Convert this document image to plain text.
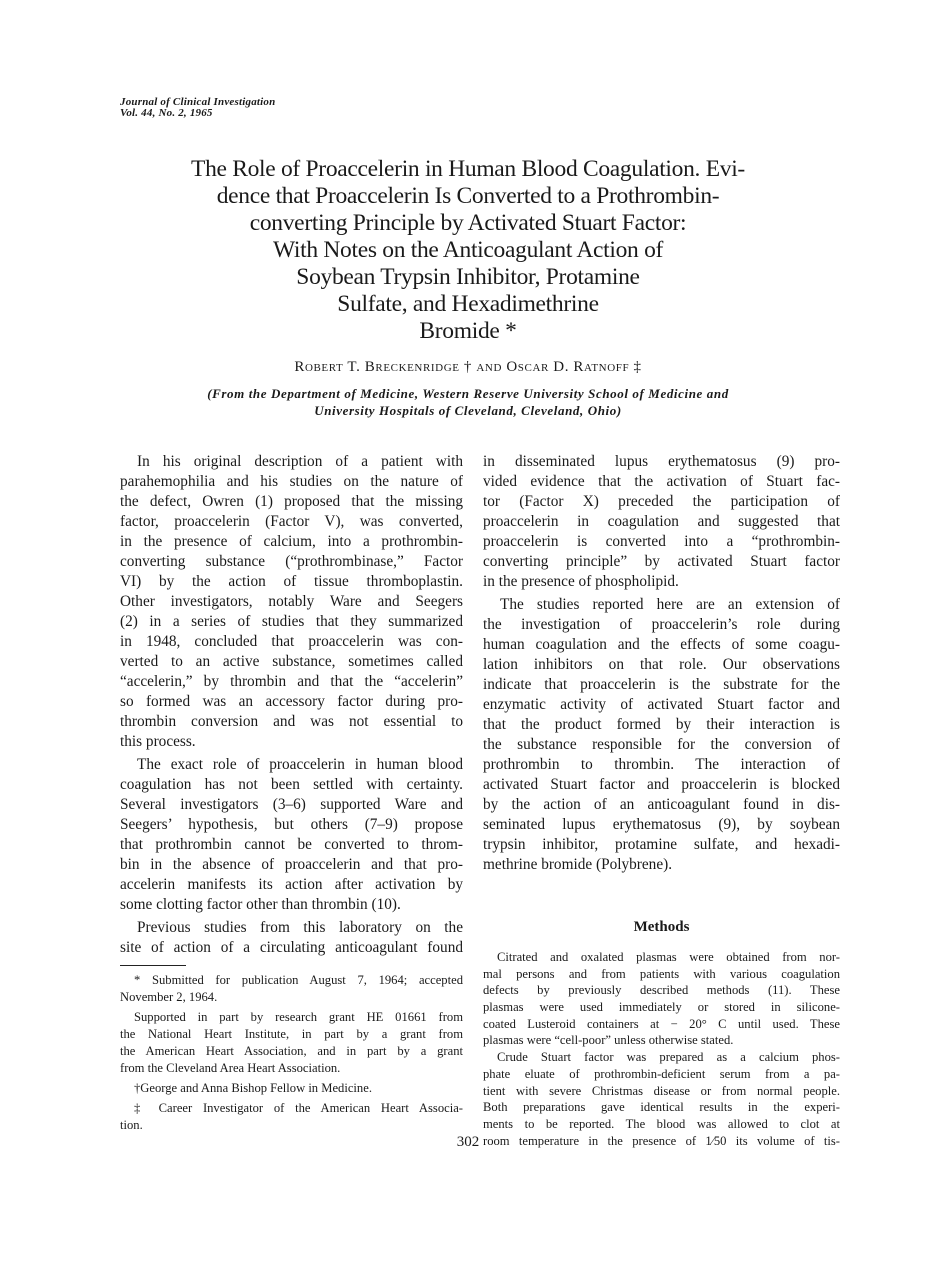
Journal of Clinical Investigation
Vol. 44, No. 2, 1965
The Role of Proaccelerin in Human Blood Coagulation. Evi-
dence that Proaccelerin Is Converted to a Prothrombin-
converting Principle by Activated Stuart Factor:
With Notes on the Anticoagulant Action of
Soybean Trypsin Inhibitor, Protamine
Sulfate, and Hexadimethrine
Bromide *
Robert T. Breckenridge † and Oscar D. Ratnoff ‡
(From the Department of Medicine, Western Reserve University School of Medicine and
University Hospitals of Cleveland, Cleveland, Ohio)
In his original description of a patient with
parahemophilia and his studies on the nature of
the defect, Owren (1) proposed that the missing
factor, proaccelerin (Factor V), was converted,
in the presence of calcium, into a prothrombin-
converting substance (“prothrombinase,” Factor
VI) by the action of tissue thromboplastin.
Other investigators, notably Ware and Seegers
(2) in a series of studies that they summarized
in 1948, concluded that proaccelerin was con-
verted to an active substance, sometimes called
“accelerin,” by thrombin and that the “accelerin”
so formed was an accessory factor during pro-
thrombin conversion and was not essential to
this process.
The exact role of proaccelerin in human blood
coagulation has not been settled with certainty.
Several investigators (3–6) supported Ware and
Seegers’ hypothesis, but others (7–9) propose
that prothrombin cannot be converted to throm-
bin in the absence of proaccelerin and that pro-
accelerin manifests its action after activation by
some clotting factor other than thrombin (10).
Previous studies from this laboratory on the
site of action of a circulating anticoagulant found
* Submitted for publication August 7, 1964; accepted
November 2, 1964.
Supported in part by research grant HE 01661 from
the National Heart Institute, in part by a grant from
the American Heart Association, and in part by a grant
from the Cleveland Area Heart Association.
†George and Anna Bishop Fellow in Medicine.
‡ Career Investigator of the American Heart Associa-
tion.
in disseminated lupus erythematosus (9) pro-
vided evidence that the activation of Stuart fac-
tor (Factor X) preceded the participation of
proaccelerin in coagulation and suggested that
proaccelerin is converted into a “prothrombin-
converting principle” by activated Stuart factor
in the presence of phospholipid.
The studies reported here are an extension of
the investigation of proaccelerin’s role during
human coagulation and the effects of some coagu-
lation inhibitors on that role. Our observations
indicate that proaccelerin is the substrate for the
enzymatic activity of activated Stuart factor and
that the product formed by their interaction is
the substance responsible for the conversion of
prothrombin to thrombin. The interaction of
activated Stuart factor and proaccelerin is blocked
by the action of an anticoagulant found in dis-
seminated lupus erythematosus (9), by soybean
trypsin inhibitor, protamine sulfate, and hexadi-
methrine bromide (Polybrene).
Methods
Citrated and oxalated plasmas were obtained from nor-
mal persons and from patients with various coagulation
defects by previously described methods (11). These
plasmas were used immediately or stored in silicone-
coated Lusteroid containers at − 20° C until used. These
plasmas were “cell-poor” unless otherwise stated.
Crude Stuart factor was prepared as a calcium phos-
phate eluate of prothrombin-deficient serum from a pa-
tient with severe Christmas disease or from normal people.
Both preparations gave identical results in the experi-
ments to be reported. The blood was allowed to clot at
room temperature in the presence of 1⁄50 its volume of tis-
302
